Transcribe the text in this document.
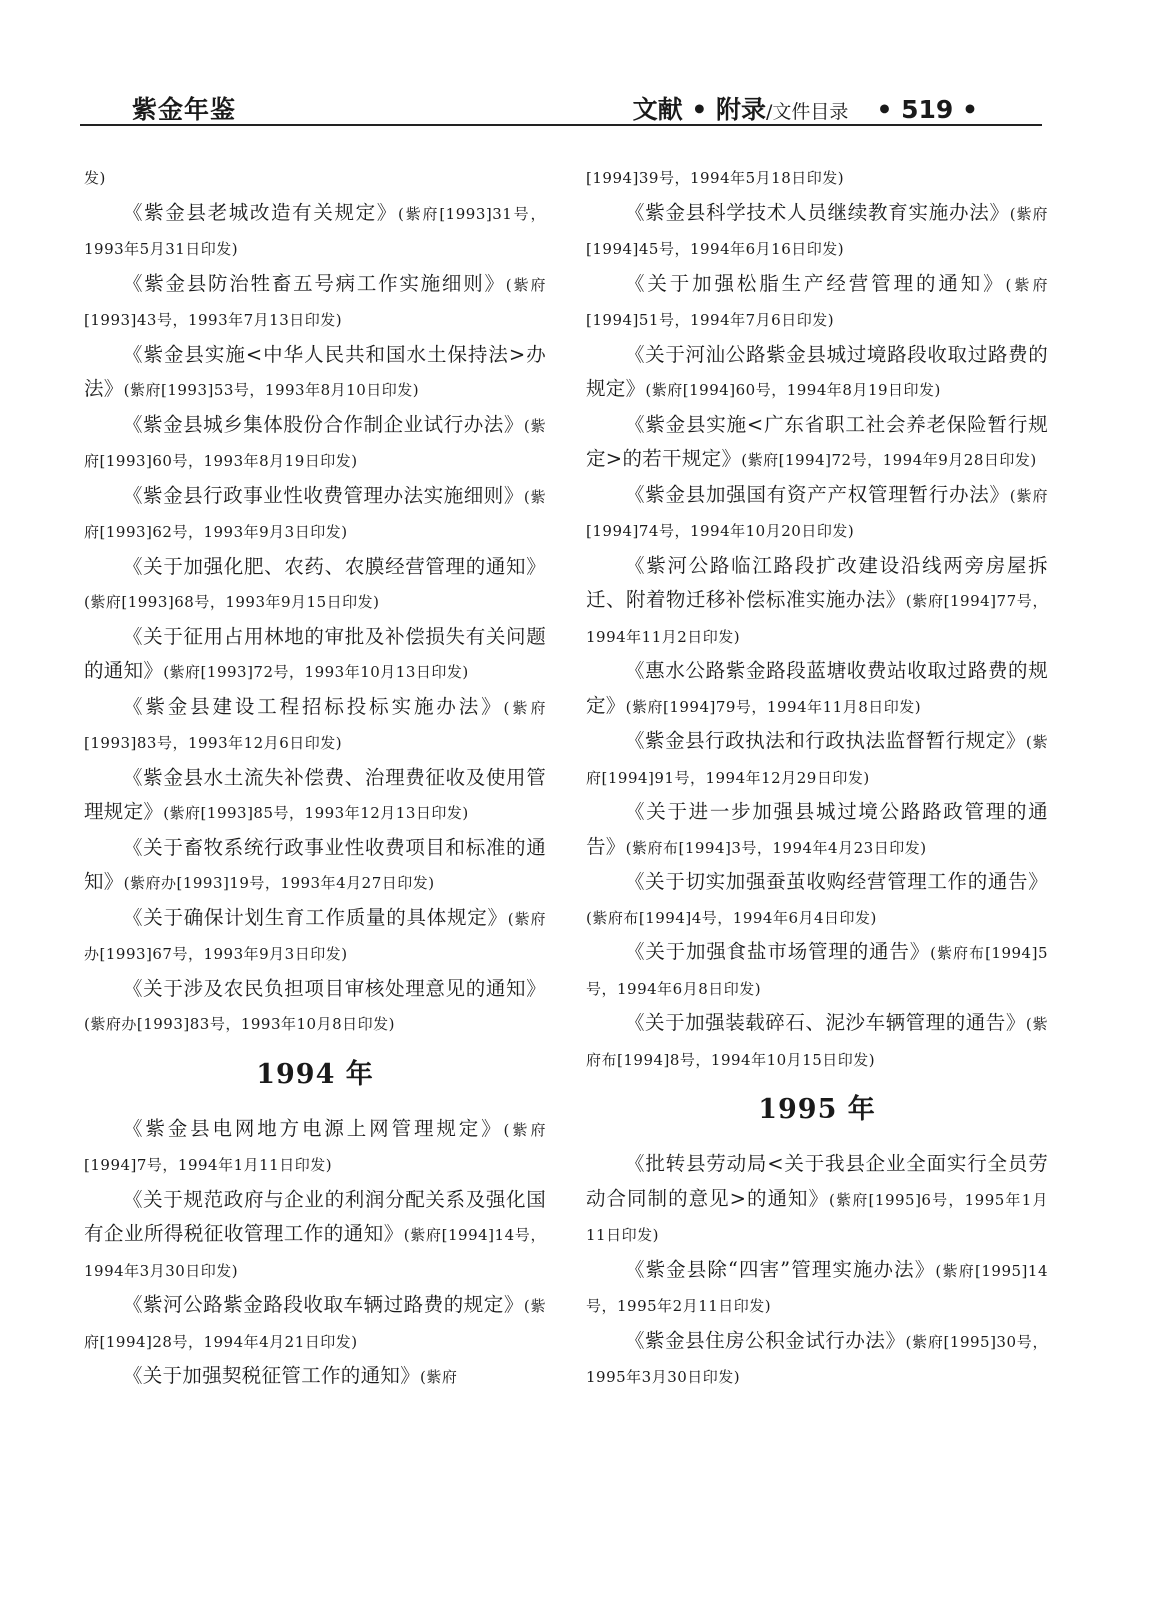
紫金年鉴	文献 • 附录/文件目录 • 519 •

发)

《紫金县老城改造有关规定》(紫府[1993]31号，1993年5月31日印发)

《紫金县防治牲畜五号病工作实施细则》(紫府[1993]43号，1993年7月13日印发)

《紫金县实施<中华人民共和国水土保持法>办法》(紫府[1993]53号，1993年8月10日印发)

《紫金县城乡集体股份合作制企业试行办法》(紫府[1993]60号，1993年8月19日印发)

《紫金县行政事业性收费管理办法实施细则》(紫府[1993]62号，1993年9月3日印发)

《关于加强化肥、农药、农膜经营管理的通知》(紫府[1993]68号，1993年9月15日印发)

《关于征用占用林地的审批及补偿损失有关问题的通知》(紫府[1993]72号，1993年10月13日印发)

《紫金县建设工程招标投标实施办法》(紫府[1993]83号，1993年12月6日印发)

《紫金县水土流失补偿费、治理费征收及使用管理规定》(紫府[1993]85号，1993年12月13日印发)

《关于畜牧系统行政事业性收费项目和标准的通知》(紫府办[1993]19号，1993年4月27日印发)

《关于确保计划生育工作质量的具体规定》(紫府办[1993]67号，1993年9月3日印发)

《关于涉及农民负担项目审核处理意见的通知》(紫府办[1993]83号，1993年10月8日印发)

1994 年

《紫金县电网地方电源上网管理规定》(紫府[1994]7号，1994年1月11日印发)

《关于规范政府与企业的利润分配关系及强化国有企业所得税征收管理工作的通知》(紫府[1994]14号，1994年3月30日印发)

《紫河公路紫金路段收取车辆过路费的规定》(紫府[1994]28号，1994年4月21日印发)

《关于加强契税征管工作的通知》(紫府

[1994]39号，1994年5月18日印发)

《紫金县科学技术人员继续教育实施办法》(紫府[1994]45号，1994年6月16日印发)

《关于加强松脂生产经营管理的通知》(紫府[1994]51号，1994年7月6日印发)

《关于河汕公路紫金县城过境路段收取过路费的规定》(紫府[1994]60号，1994年8月19日印发)

《紫金县实施<广东省职工社会养老保险暂行规定>的若干规定》(紫府[1994]72号，1994年9月28日印发)

《紫金县加强国有资产产权管理暂行办法》(紫府[1994]74号，1994年10月20日印发)

《紫河公路临江路段扩改建设沿线两旁房屋拆迁、附着物迁移补偿标准实施办法》(紫府[1994]77号，1994年11月2日印发)

《惠水公路紫金路段蓝塘收费站收取过路费的规定》(紫府[1994]79号，1994年11月8日印发)

《紫金县行政执法和行政执法监督暂行规定》(紫府[1994]91号，1994年12月29日印发)

《关于进一步加强县城过境公路路政管理的通告》(紫府布[1994]3号，1994年4月23日印发)

《关于切实加强蚕茧收购经营管理工作的通告》(紫府布[1994]4号，1994年6月4日印发)

《关于加强食盐市场管理的通告》(紫府布[1994]5号，1994年6月8日印发)

《关于加强装载碎石、泥沙车辆管理的通告》(紫府布[1994]8号，1994年10月15日印发)

1995 年

《批转县劳动局<关于我县企业全面实行全员劳动合同制的意见>的通知》(紫府[1995]6号，1995年1月11日印发)

《紫金县除“四害”管理实施办法》(紫府[1995]14号，1995年2月11日印发)

《紫金县住房公积金试行办法》(紫府[1995]30号，1995年3月30日印发)
